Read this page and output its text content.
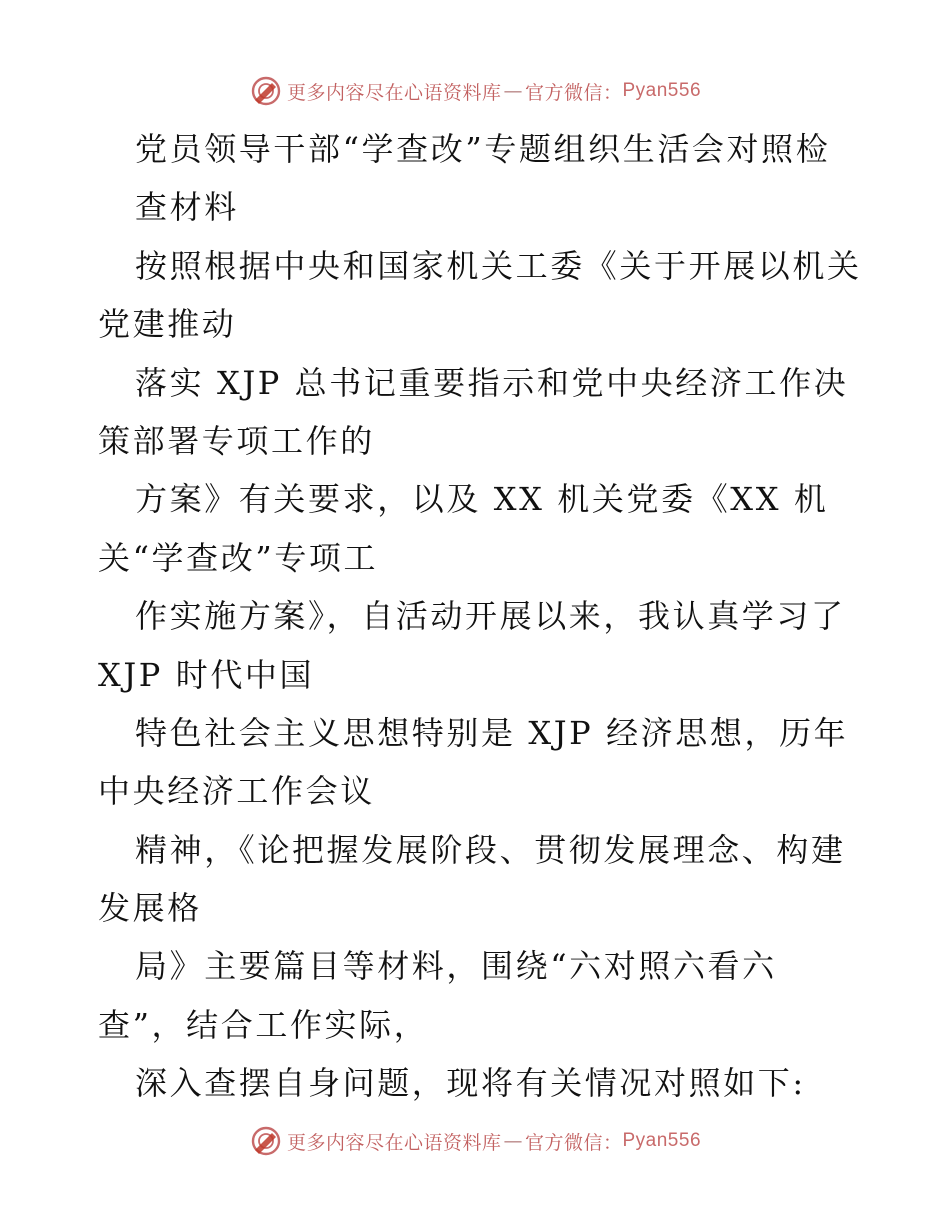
更多内容尽在心语资料库 — 官方微信： Pyan556
党员领导干部“学查改”专题组织生活会对照检
查材料
按照根据中央和国家机关工委《关于开展以机关
党建推动
落实 XJP 总书记重要指示和党中央经济工作决
策部署专项工作的
方案》有关要求，以及 XX 机关党委《XX 机
关“学查改”专项工
作实施方案》，自活动开展以来，我认真学习了
XJP 时代中国
特色社会主义思想特别是 XJP 经济思想，历年
中央经济工作会议
精神，《论把握发展阶段、贯彻发展理念、构建
发展格
局》主要篇目等材料，围绕“六对照六看六
查”，结合工作实际，
深入查摆自身问题，现将有关情况对照如下:
更多内容尽在心语资料库 — 官方微信： Pyan556
